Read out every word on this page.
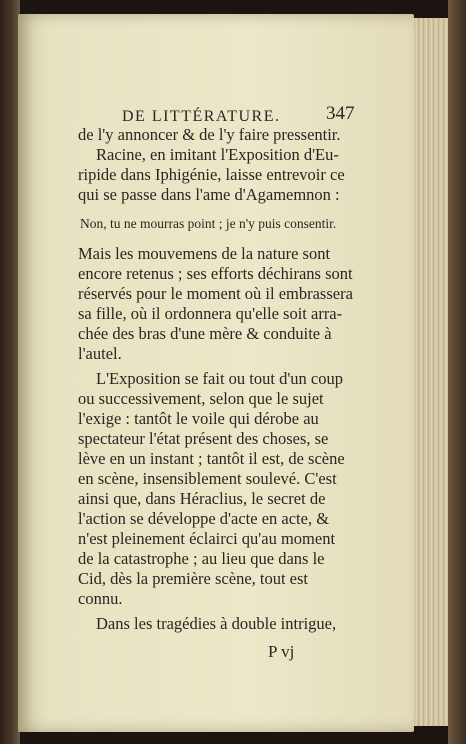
DE LITTÉRATURE. 347
de l'y annoncer & de l'y faire pressentir.
Racine, en imitant l'Exposition d'Eu-
ripide dans Iphigénie, laisse entrevoir ce
qui se passe dans l'ame d'Agamemnon :
Non, tu ne mourras point ; je n'y puis consentir.
Mais les mouvemens de la nature sont
encore retenus ; ses efforts déchirans sont
réservés pour le moment où il embrassera
sa fille, où il ordonnera qu'elle soit arra-
chée des bras d'une mère & conduite à
l'autel.
L'Exposition se fait ou tout d'un coup
ou successivement, selon que le sujet
l'exige : tantôt le voile qui dérobe au
spectateur l'état présent des choses, se
lève en un instant ; tantôt il est, de scène
en scène, insensiblement soulevé. C'est
ainsi que, dans Héraclius, le secret de
l'action se développe d'acte en acte, &
n'est pleinement éclairci qu'au moment
de la catastrophe ; au lieu que dans le
Cid, dès la première scène, tout est
connu.
Dans les tragédies à double intrigue,
P vj
